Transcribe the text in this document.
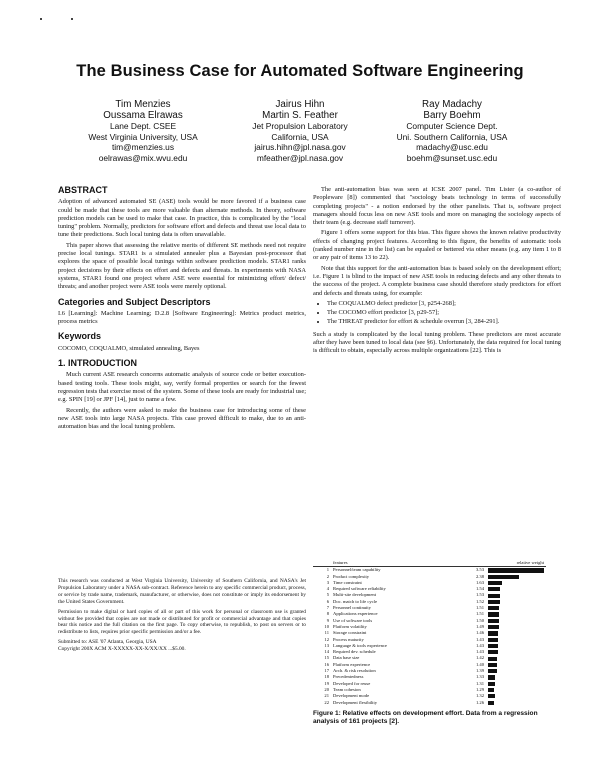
The Business Case for Automated Software Engineering
Tim Menzies
Oussama Elrawas
Lane Dept. CSEE
West Virginia University, USA
tim@menzies.us
oelrawas@mix.wvu.edu
Jairus Hihn
Martin S. Feather
Jet Propulsion Laboratory
California, USA
jairus.hihn@jpl.nasa.gov
mfeather@jpl.nasa.gov
Ray Madachy
Barry Boehm
Computer Science Dept.
Uni. Southern California, USA
madachy@usc.edu
boehm@sunset.usc.edu
ABSTRACT

Adoption of advanced automated SE (ASE) tools would be more favored if a business case could be made that these tools are more valuable than alternate methods. In theory, software prediction models can be used to make that case. In practice, this is complicated by the "local tuning" problem. Normally, predictors for software effort and defects and threat use local data to tune their predictions. Such local tuning data is often unavailable.

This paper shows that assessing the relative merits of different SE methods need not require precise local tunings. STAR1 is a simulated annealer plus a Bayesian post-processor that explores the space of possible local tunings within software prediction models. STAR1 ranks project decisions by their effects on effort and defects and threats. In experiments with NASA systems, STAR1 found one project where ASE were essential for minimizing effort/ defect/ threats; and another project were ASE tools were merely optional.

Categories and Subject Descriptors

I.6 [Learning]: Machine Learning; D.2.8 [Software Engineering]: Metrics product metrics, process metrics

Keywords

COCOMO, COQUALMO, simulated annealing, Bayes

1. INTRODUCTION

Much current ASE research concerns automatic analysis of source code or better execution-based testing tools. These tools might, say, verify formal properties or search for the fewest regression tests that exercise most of the system. Some of these tools are ready for industrial use; e.g. SPIN [19] or JPF [14], just to name a few.

Recently, the authors were asked to make the business case for introducing some of these new ASE tools into large NASA projects. This case proved difficult to make, due to an anti-automation bias and the local tuning problem.

This research was conducted at West Virginia University, University of Southern California, and NASA's Jet Propulsion Laboratory under a NASA sub-contract. Reference herein to any specific commercial product, process, or service by trade name, trademark, manufacturer, or otherwise, does not constitute or imply its endorsement by the United States Government.

Permission to make digital or hard copies of all or part of this work for personal or classroom use is granted without fee provided that copies are not made or distributed for profit or commercial advantage and that copies bear this notice and the full citation on the first page. To copy otherwise, to republish, to post on servers or to redistribute to lists, requires prior specific permission and/or a fee.

Submitted to: ASE '07 Atlanta, Georgia, USA

Copyright 200X ACM X-XXXXX-XX-X/XX/XX ...$5.00.

The anti-automation bias was seen at ICSE 2007 panel. Tim Lister (a co-author of Peopleware [8]) commented that "sociology beats technology in terms of successfully completing projects" - a notion endorsed by the other panelists. That is, software project managers should focus less on new ASE tools and more on managing the sociology aspects of their team (e.g. decrease staff turnover).

Figure 1 offers some support for this bias. This figure shows the known relative productivity effects of changing project features. According to this figure, the benefits of automatic tools (ranked number nine in the list) can be equaled or bettered via other means (e.g. any item 1 to 8 or any pair of items 13 to 22).

Note that this support for the anti-automation bias is based solely on the development effort; i.e. Figure 1 is blind to the impact of new ASE tools in reducing defects and any other threats to the success of the project. A complete business case should therefore study predictors for effort and defects and threats using, for example:

• The COQUALMO defect predictor [3, p254-268];
• The COCOMO effort predictor [3, p29-57];
• The THREAT predictor for effort & schedule overrun [3, 284-291].

Such a study is complicated by the local tuning problem. These predictors are most accurate after they have been tuned to local data (see §6). Unfortunately, the data required for local tuning is difficult to obtain, especially across multiple organizations [22]. This is

	features	relative weight	
1	Personnel/team capability	3.53	

2	Product complexity	2.38	

3	Time constraint	1.63	

4	Required software reliability	1.54	

5	Multi-site development	1.53	

6	Doc. match to life cycle	1.52	

7	Personnel continuity	1.51	

8	Applications experience	1.51	

9	Use of software tools	1.50	

10	Platform volatility	1.49	

11	Storage constraint	1.46	

12	Process maturity	1.43	

13	Language & tools experience	1.43	

14	Required dev. schedule	1.43	

15	Data base size	1.42	

16	Platform experience	1.40	

17	Arch. & risk resolution	1.39	

18	Precedentedness	1.33	

19	Developed for reuse	1.31	

20	Team cohesion	1.29	

21	Development mode	1.32	

22	Development flexibility	1.26	
Figure 1: Relative effects on development effort. Data from a regression analysis of 161 projects [2].
